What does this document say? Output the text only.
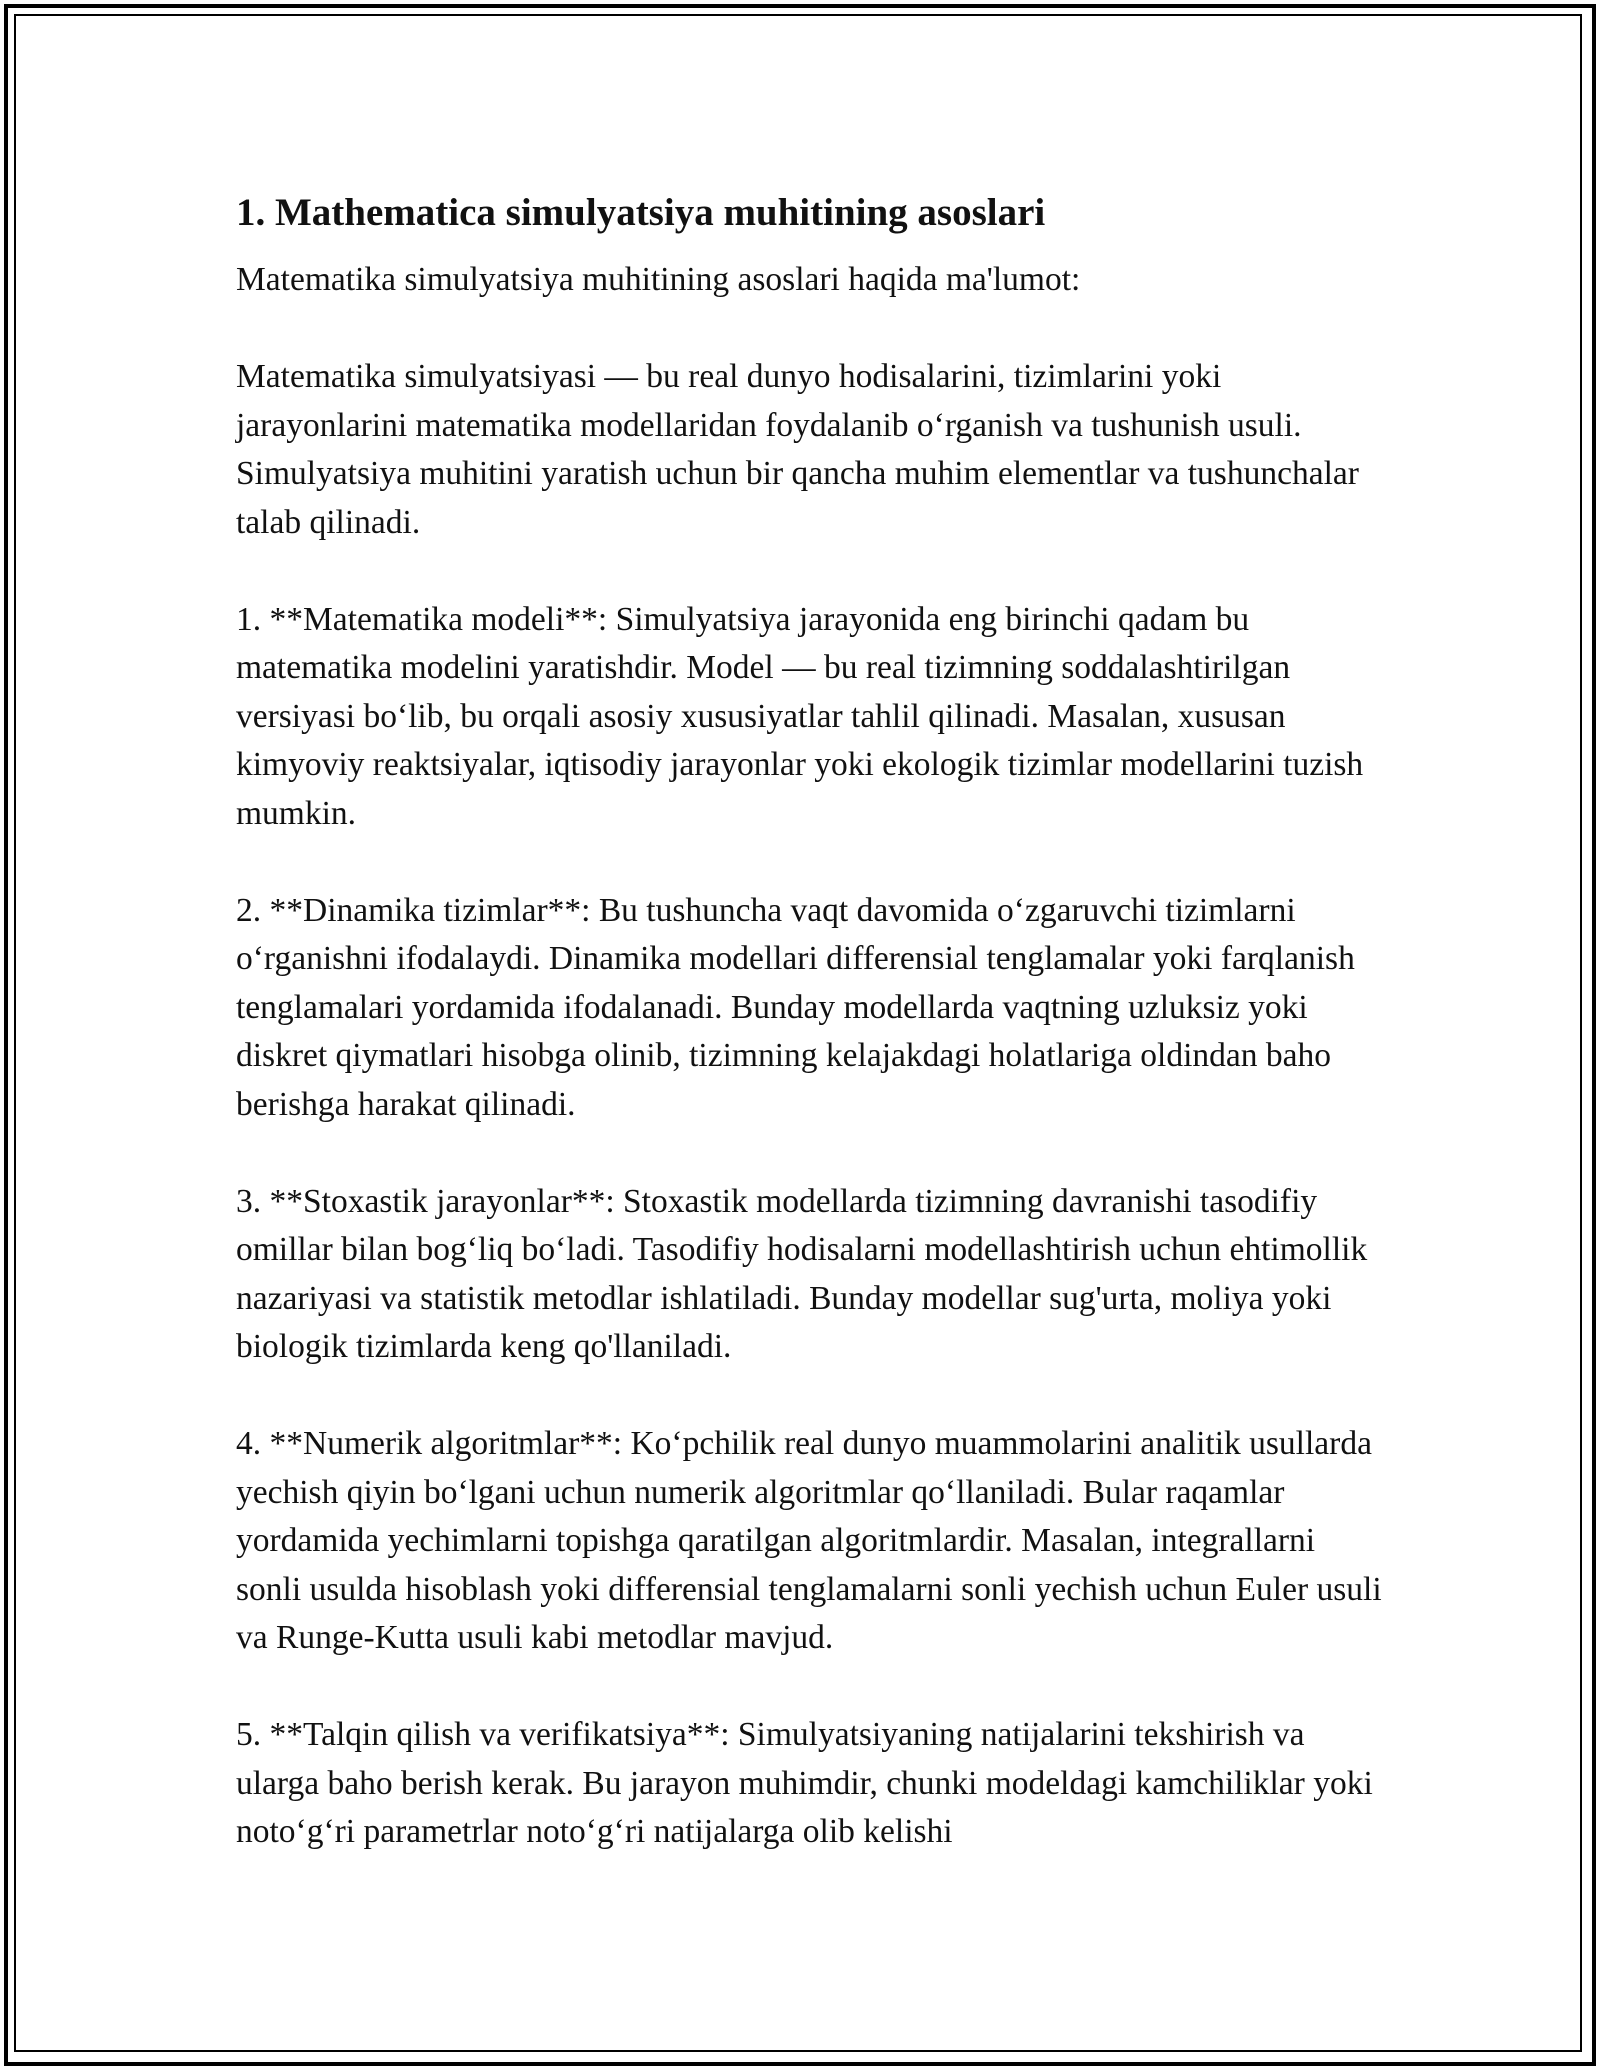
1. Mathematica simulyatsiya muhitining asoslari

Matematika simulyatsiya muhitining asoslari haqida ma'lumot:

Matematika simulyatsiyasi — bu real dunyo hodisalarini, tizimlarini yoki jarayonlarini matematika modellaridan foydalanib o‘rganish va tushunish usuli. Simulyatsiya muhitini yaratish uchun bir qancha muhim elementlar va tushunchalar talab qilinadi.

1. **Matematika modeli**: Simulyatsiya jarayonida eng birinchi qadam bu matematika modelini yaratishdir. Model — bu real tizimning soddalashtirilgan versiyasi bo‘lib, bu orqali asosiy xususiyatlar tahlil qilinadi. Masalan, xususan kimyoviy reaktsiyalar, iqtisodiy jarayonlar yoki ekologik tizimlar modellarini tuzish mumkin.

2. **Dinamika tizimlar**: Bu tushuncha vaqt davomida o‘zgaruvchi tizimlarni o‘rganishni ifodalaydi. Dinamika modellari differensial tenglamalar yoki farqlanish tenglamalari yordamida ifodalanadi. Bunday modellarda vaqtning uzluksiz yoki diskret qiymatlari hisobga olinib, tizimning kelajakdagi holatlariga oldindan baho berishga harakat qilinadi.

3. **Stoxastik jarayonlar**: Stoxastik modellarda tizimning davranishi tasodifiy omillar bilan bog‘liq bo‘ladi. Tasodifiy hodisalarni modellashtirish uchun ehtimollik nazariyasi va statistik metodlar ishlatiladi. Bunday modellar sug'urta, moliya yoki biologik tizimlarda keng qo'llaniladi.

4. **Numerik algoritmlar**: Ko‘pchilik real dunyo muammolarini analitik usullarda yechish qiyin bo‘lgani uchun numerik algoritmlar qo‘llaniladi. Bular raqamlar yordamida yechimlarni topishga qaratilgan algoritmlardir. Masalan, integrallarni sonli usulda hisoblash yoki differensial tenglamalarni sonli yechish uchun Euler usuli va Runge-Kutta usuli kabi metodlar mavjud.

5. **Talqin qilish va verifikatsiya**: Simulyatsiyaning natijalarini tekshirish va ularga baho berish kerak. Bu jarayon muhimdir, chunki modeldagi kamchiliklar yoki noto‘g‘ri parametrlar noto‘g‘ri natijalarga olib kelishi
